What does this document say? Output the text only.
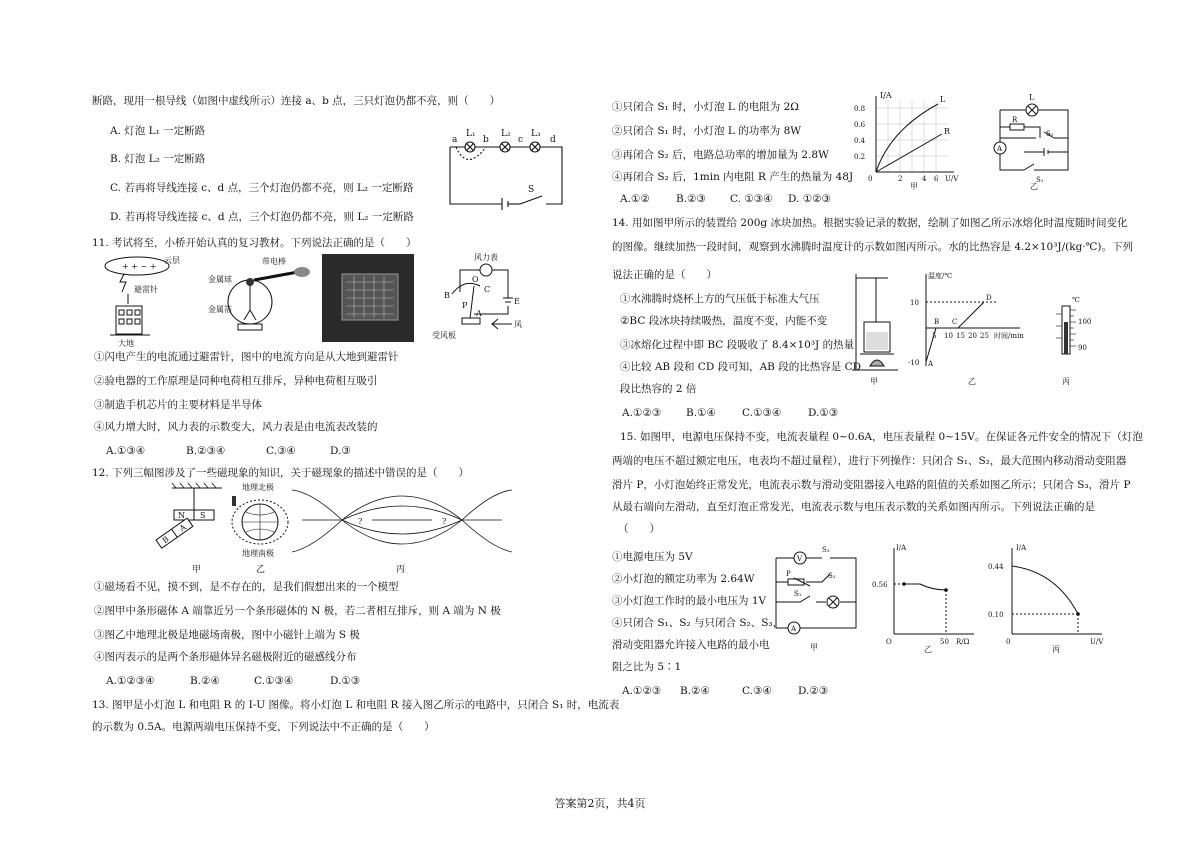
断路，现用一根导线（如图中虚线所示）连接 a、b 点，三只灯泡仍都不亮，则（　　）
A. 灯泡 L₁ 一定断路
B. 灯泡 L₂ 一定断路
C. 若再将导线连接 c、d 点，三个灯泡仍都不亮，则 L₂ 一定断路
D. 若再将导线连接 c、d 点，三个灯泡仍都不亮，则 L₂ 一定断路
a
L₁
b
L₂
c
L₃
d
S
11. 考试将至，小桥开始认真的复习教材。下列说法正确的是（　　）
+ + ~ +
云层
避雷针
大地
带电棒
金属球
金属箔
风力表
E
B
O
C
P
A
风
受风板
①闪电产生的电流通过避雷针，图中的电流方向是从大地到避雷针
②验电器的工作原理是同种电荷相互排斥，异种电荷相互吸引
③制造手机芯片的主要材料是半导体
④风力增大时，风力表的示数变大，风力表是由电流表改装的
A.①③④	B.②③④	C.③④	D.③
12. 下列三幅图涉及了一些磁现象的知识，关于磁现象的描述中错误的是（　　）
N S
B
A
甲
地理北极
地理南极
乙
?	?
丙
①磁场看不见，摸不到，是不存在的，是我们假想出来的一个模型
②图甲中条形磁体 A 端靠近另一个条形磁体的 N 极，若二者相互排斥，则 A 端为 N 极
③图乙中地理北极是地磁场南极，图中小磁针上端为 S 极
④图丙表示的是两个条形磁体异名磁极附近的磁感线分布
A.①②③④	B.②④	C.①③④	D.①③
13. 图甲是小灯泡 L 和电阻 R 的 I-U 图像。将小灯泡 L 和电阻 R 接入图乙所示的电路中，只闭合 S₁ 时，电流表
的示数为 0.5A。电源两端电压保持不变，下列说法中不正确的是（　　）
①只闭合 S₁ 时，小灯泡 L 的电阻为 2Ω
②只闭合 S₁ 时，小灯泡 L 的功率为 8W
③再闭合 S₂ 后，电路总功率的增加量为 2.8W
④再闭合 S₂ 后，1min 内电阻 R 产生的热量为 48J
A.①②	B.②③ C. ①③④ D. ①②③
I/A
0.8
0.6
0.4
0.2
0	2	4 6 U/V
L
R
甲
A
L
R
S₂
S₁
乙
14. 用如图甲所示的装置给 200g 冰块加热。根据实验记录的数据，绘制了如图乙所示冰熔化时温度随时间变化
的图像。继续加热一段时间，观察到水沸腾时温度计的示数如图丙所示。水的比热容是 4.2×10³J/(kg·℃)。下列
说法正确的是（　　）
①水沸腾时烧杯上方的气压低于标准大气压
②BC 段冰块持续吸热，温度不变，内能不变
③冰熔化过程中即 BC 段吸收了 8.4×10³J 的热量
④比较 AB 段和 CD 段可知，AB 段的比热容是 CD
段比热容的 2 倍
A.①②③ B.①④ C.①③④	D.①③
甲
温度/℃
10
-10
5 10 15 20 25 时间/min
A
B C
D
乙
℃
100
90
丙
15. 如图甲，电源电压保持不变，电流表量程 0~0.6A，电压表量程 0~15V。在保证各元件安全的情况下（灯泡
两端的电压不超过额定电压，电表均不超过量程），进行下列操作：只闭合 S₁、S₂，最大范围内移动滑动变阻器
滑片 P，小灯泡始终正常发光，电流表示数与滑动变阻器接入电路的阻值的关系如图乙所示；只闭合 S₃，滑片 P
从最右端向左滑动，直至灯泡正常发光，电流表示数与电压表示数的关系如图丙所示。下列说法正确的是
（　　）
①电源电压为 5V
②小灯泡的额定功率为 2.64W
③小灯泡工作时的最小电压为 1V
④只闭合 S₁、S₂ 与只闭合 S₂、S₃，
滑动变阻器允许接入电路的最小电
阻之比为 5∶1
A.①②③ B.②④	C.③④ D.②③
V
A
S₃
P	S₂
S₁
甲
I/A
0.56
O	50 R/Ω
乙
I/A
0.44
0.10
0	U/V
丙
答案第2页，共4页
